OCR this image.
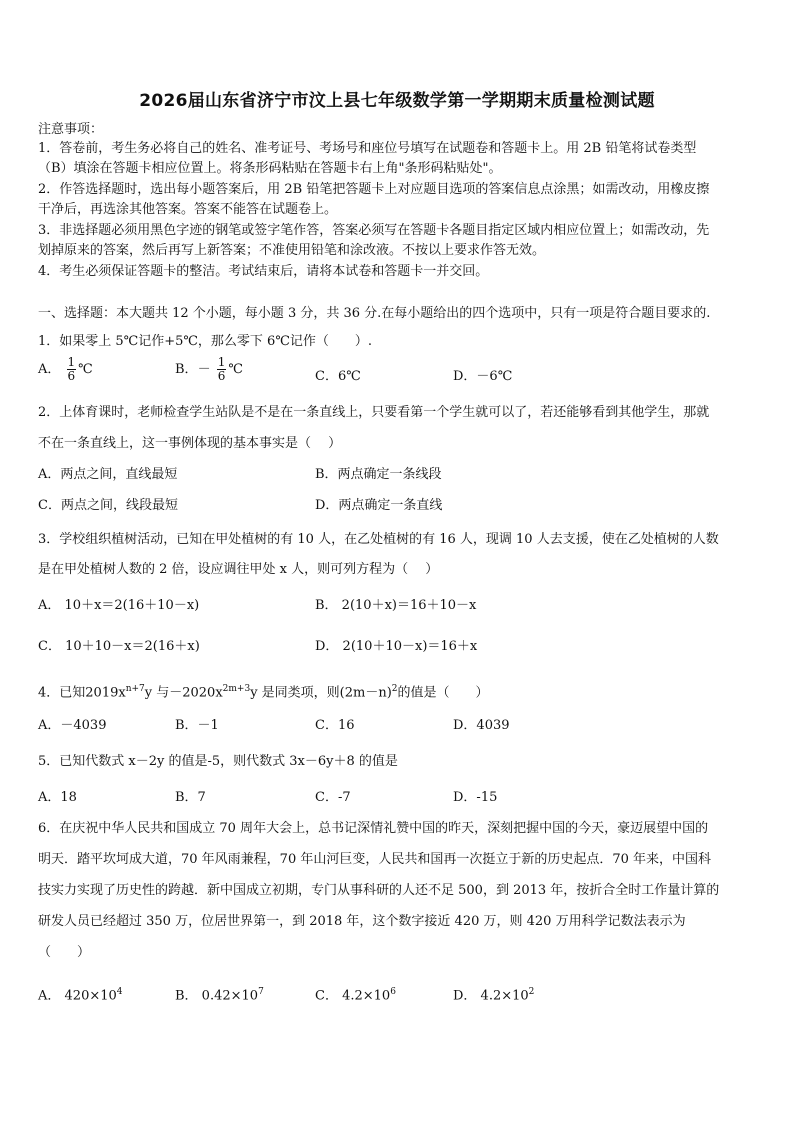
2026届山东省济宁市汶上县七年级数学第一学期期末质量检测试题
注意事项：
1．答卷前，考生务必将自己的姓名、准考证号、考场号和座位号填写在试题卷和答题卡上。用 2B 铅笔将试卷类型
（B）填涂在答题卡相应位置上。将条形码粘贴在答题卡右上角"条形码粘贴处"。
2．作答选择题时，选出每小题答案后，用 2B 铅笔把答题卡上对应题目选项的答案信息点涂黑；如需改动，用橡皮擦
干净后，再选涂其他答案。答案不能答在试题卷上。
3．非选择题必须用黑色字迹的钢笔或签字笔作答，答案必须写在答题卡各题目指定区域内相应位置上；如需改动，先
划掉原来的答案，然后再写上新答案；不准使用铅笔和涂改液。不按以上要求作答无效。
4．考生必须保证答题卡的整洁。考试结束后，请将本试卷和答题卡一并交回。
一、选择题：本大题共 12 个小题，每小题 3 分，共 36 分.在每小题给出的四个选项中，只有一项是符合题目要求的.
1．如果零上 5℃记作+5℃，那么零下 6℃记作（　　）.
A． $\frac{1}{6}$ ℃	B．－ $\frac{1}{6}$ ℃	C．6℃	D．－6℃
2．上体育课时，老师检查学生站队是不是在一条直线上，只要看第一个学生就可以了，若还能够看到其他学生，那就
不在一条直线上，这一事例体现的基本事实是（　 ）
A．两点之间，直线最短	B．两点确定一条线段
C．两点之间，线段最短	D．两点确定一条直线
3．学校组织植树活动，已知在甲处植树的有 10 人，在乙处植树的有 16 人，现调 10 人去支援，使在乙处植树的人数
是在甲处植树人数的 2 倍，设应调往甲处 x 人，则可列方程为（　 ）
A． 10＋x＝2(16＋10－x)	B． 2(10＋x)＝16＋10－x
C． 10＋10－x＝2(16＋x)	D． 2(10＋10－x)＝16＋x
4．已知$2019x^{n+7}y$ 与$-2020x^{2m+3}y$ 是同类项，则$(2m-n)^2$的值是（　　）
A．－4039	B．－1	C．16	D．4039
5．已知代数式 x－2y 的值是-5，则代数式 3x－6y＋8 的值是
A．18	B．7	C．-7	D．-15
6．在庆祝中华人民共和国成立 70 周年大会上，总书记深情礼赞中国的昨天，深刻把握中国的今天，豪迈展望中国的
明天．踏平坎坷成大道，70 年风雨兼程，70 年山河巨变，人民共和国再一次挺立于新的历史起点．70 年来，中国科
技实力实现了历史性的跨越．新中国成立初期，专门从事科研的人还不足 500，到 2013 年，按折合全时工作量计算的
研发人员已经超过 350 万，位居世界第一，到 2018 年，这个数字接近 420 万，则 420 万用科学记数法表示为
（　　）
A． $420\times 10^4$	B． $0.42\times 10^7$	C． $4.2\times 10^6$	D． $4.2\times 10^2$
